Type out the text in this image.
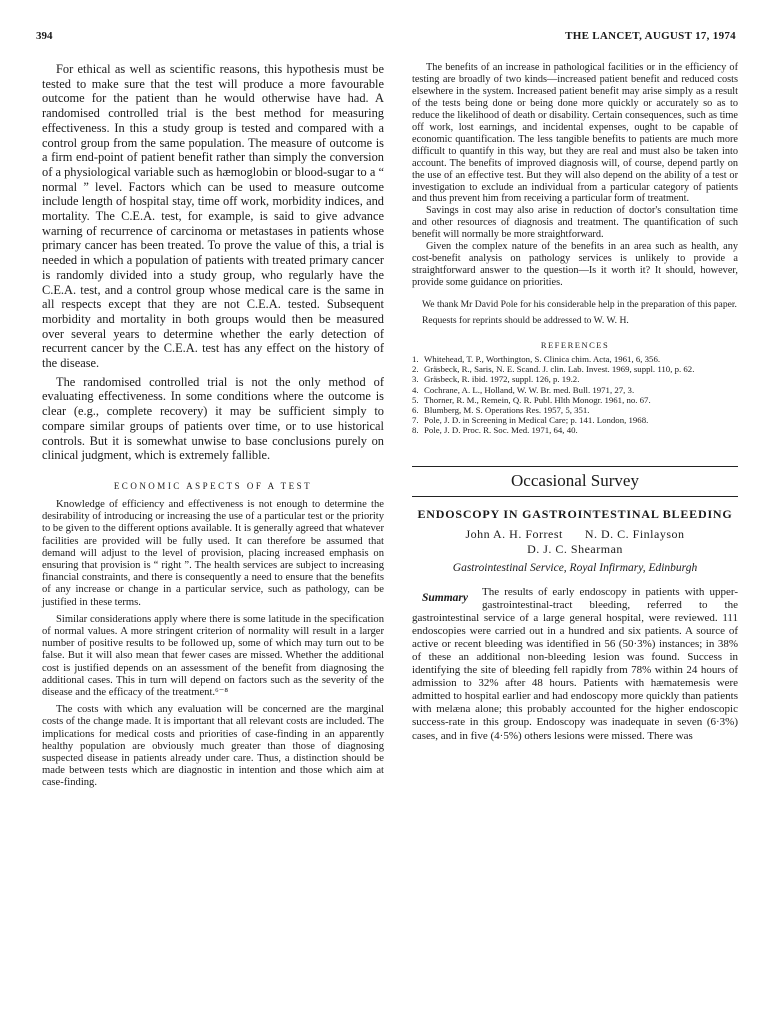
394	THE LANCET, AUGUST 17, 1974

For ethical as well as scientific reasons, this hypothesis must be tested to make sure that the test will produce a more favourable outcome for the patient than he would otherwise have had. A randomised controlled trial is the best method for measuring effectiveness. In this a study group is tested and compared with a control group from the same population. The measure of outcome is a firm end-point of patient benefit rather than simply the conversion of a physiological variable such as hæmoglobin or blood-sugar to a “ normal ” level. Factors which can be used to measure outcome include length of hospital stay, time off work, morbidity indices, and mortality. The C.E.A. test, for example, is said to give advance warning of recurrence of carcinoma or metastases in patients whose primary cancer has been treated. To prove the value of this, a trial is needed in which a population of patients with treated primary cancer is randomly divided into a study group, who regularly have the C.E.A. test, and a control group whose medical care is the same in all respects except that they are not C.E.A. tested. Subsequent morbidity and mortality in both groups would then be measured over several years to determine whether the early detection of recurrent cancer by the C.E.A. test has any effect on the history of the disease.

The randomised controlled trial is not the only method of evaluating effectiveness. In some conditions where the outcome is clear (e.g., complete recovery) it may be sufficient simply to compare similar groups of patients over time, or to use historical controls. But it is somewhat unwise to base conclusions purely on clinical judgment, which is extremely fallible.

ECONOMIC ASPECTS OF A TEST

Knowledge of efficiency and effectiveness is not enough to determine the desirability of introducing or increasing the use of a particular test or the priority to be given to the different options available. It is generally agreed that whatever facilities are provided will be fully used. It can therefore be assumed that demand will adjust to the level of provision, placing increased emphasis on ensuring that provision is “ right ”. The health services are subject to increasing financial constraints, and there is consequently a need to ensure that the benefits of any increase or change in a particular service, such as pathology, can be justified in these terms.

Similar considerations apply where there is some latitude in the specification of normal values. A more stringent criterion of normality will result in a larger number of positive results to be followed up, some of which may turn out to be false. But it will also mean that fewer cases are missed. Whether the additional cost is justified depends on an assessment of the benefit from diagnosing the additional cases. This in turn will depend on factors such as the severity of the disease and the efficacy of the treatment.⁶⁻⁸

The costs with which any evaluation will be concerned are the marginal costs of the change made. It is important that all relevant costs are included. The implications for medical costs and priorities of case-finding in an apparently healthy population are obviously much greater than those of diagnosing suspected disease in patients already under care. Thus, a distinction should be made between tests which are diagnostic in intention and those which aim at case-finding.

The benefits of an increase in pathological facilities or in the efficiency of testing are broadly of two kinds—increased patient benefit and reduced costs elsewhere in the system. Increased patient benefit may arise simply as a result of the tests being done or being done more quickly or accurately so as to reduce the likelihood of death or disability. Certain consequences, such as time off work, lost earnings, and incidental expenses, ought to be capable of economic quantification. The less tangible benefits to patients are much more difficult to quantify in this way, but they are real and must also be taken into account. The benefits of improved diagnosis will, of course, depend partly on the use of an effective test. But they will also depend on the ability of a test or investigation to exclude an individual from a particular category of patients and thus prevent him from receiving a particular form of treatment.

Savings in cost may also arise in reduction of doctor's consultation time and other resources of diagnosis and treatment. The quantification of such benefit will normally be more straightforward.

Given the complex nature of the benefits in an area such as health, any cost-benefit analysis on pathology services is unlikely to provide a straightforward answer to the question—Is it worth it? It should, however, provide some guidance on priorities.

We thank Mr David Pole for his considerable help in the preparation of this paper.

Requests for reprints should be addressed to W. W. H.

REFERENCES
1. Whitehead, T. P., Worthington, S. Clinica chim. Acta, 1961, 6, 356.
2. Gräsbeck, R., Saris, N. E. Scand. J. clin. Lab. Invest. 1969, suppl. 110, p. 62.
3. Gräsbeck, R. ibid. 1972, suppl. 126, p. 19.2.
4. Cochrane, A. L., Holland, W. W. Br. med. Bull. 1971, 27, 3.
5. Thorner, R. M., Remein, Q. R. Publ. Hlth Monogr. 1961, no. 67.
6. Blumberg, M. S. Operations Res. 1957, 5, 351.
7. Pole, J. D. in Screening in Medical Care; p. 141. London, 1968.
8. Pole, J. D. Proc. R. Soc. Med. 1971, 64, 40.
Occasional Survey
ENDOSCOPY IN GASTROINTESTINAL BLEEDING
John A. H. Forrest N. D. C. Finlayson
D. J. C. Shearman
Gastrointestinal Service, Royal Infirmary, Edinburgh
Summary	The results of early endoscopy in patients with upper-gastrointestinal-tract bleeding, referred to the gastrointestinal service of a large general hospital, were reviewed. 111 endoscopies were carried out in a hundred and six patients. A source of active or recent bleeding was identified in 56 (50·3%) instances; in 38% of these an additional non-bleeding lesion was found. Success in identifying the site of bleeding fell rapidly from 78% within 24 hours of admission to 32% after 48 hours. Patients with hæmatemesis were admitted to hospital earlier and had endoscopy more quickly than patients with melæna alone; this probably accounted for the higher endoscopic success-rate in this group. Endoscopy was inadequate in seven (6·3%) cases, and in five (4·5%) others lesions were missed. There was
